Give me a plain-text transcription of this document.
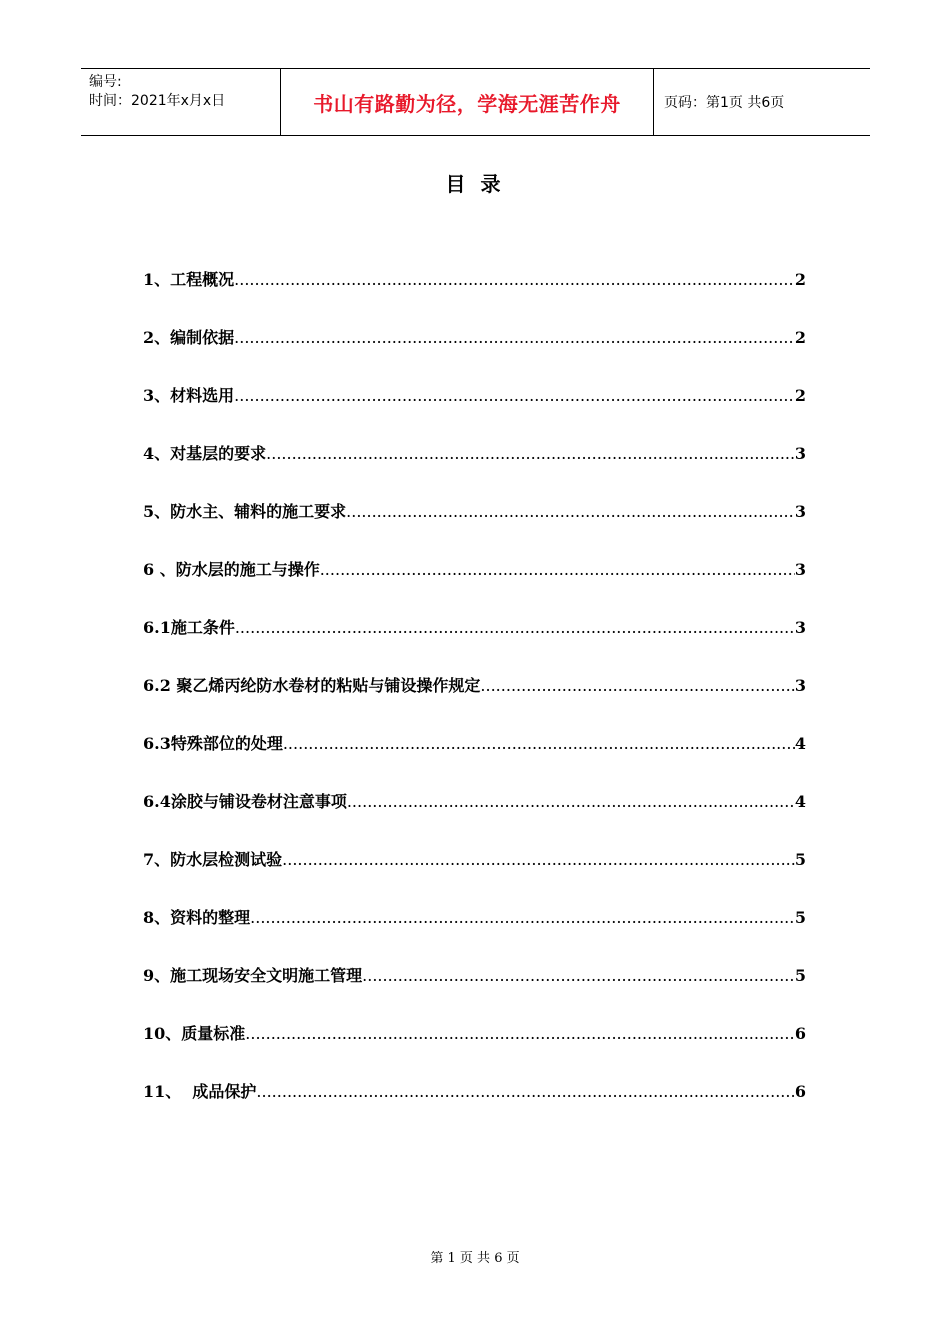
编号:
时间：2021年x月x日	书山有路勤为径，学海无涯苦作舟	页码：第1页 共6页
目 录
1、工程概况 .....	2
2、编制依据 .....	2
3、材料选用 .....	2
4、对基层的要求 .....	3
5、防水主、辅料的施工要求 .....	3
6 、防水层的施工与操作 .....	3
6.1施工条件 .....	3
6.2 聚乙烯丙纶防水卷材的粘贴与铺设操作规定 .....	3
6.3特殊部位的处理 .....	4
6.4涂胶与铺设卷材注意事项 .....	4
7、防水层检测试验 .....	5
8、资料的整理 .....	5
9、施工现场安全文明施工管理 .....	5
10、质量标准 .....	6
11、  成品保护 .....	6
第 1 页 共 6 页
